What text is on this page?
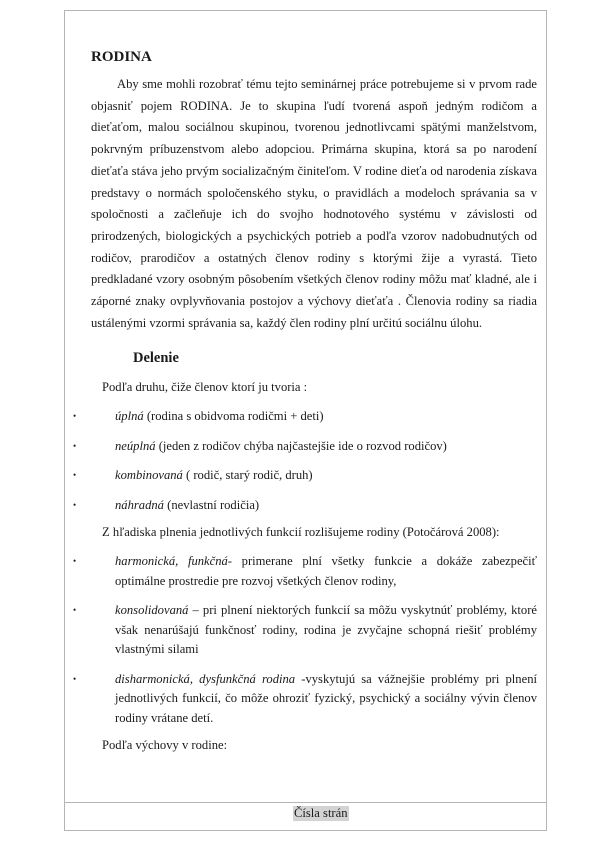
RODINA

Aby sme mohli rozobrať tému tejto seminárnej práce potrebujeme si v prvom rade objasniť pojem RODINA. Je to skupina ľudí tvorená aspoň jedným rodičom a dieťaťom, malou sociálnou skupinou, tvorenou jednotlivcami spätými manželstvom, pokrvným príbuzenstvom alebo adopciou. Primárna skupina, ktorá sa po narodení dieťaťa stáva jeho prvým socializačným činiteľom. V rodine dieťa od narodenia získava predstavy o normách spoločenského styku, o pravidlách a modeloch správania sa v spoločnosti a začleňuje ich do svojho hodnotového systému v závislosti od prirodzených, biologických a psychických potrieb a podľa vzorov nadobudnutých od rodičov, prarodičov a ostatných členov rodiny s ktorými žije a vyrastá. Tieto predkladané vzory osobným pôsobením všetkých členov rodiny môžu mať kladné, ale i záporné znaky ovplyvňovania postojov a výchovy dieťaťa . Členovia rodiny sa riadia ustálenými vzormi správania sa, každý člen rodiny plní určitú sociálnu úlohu.

Delenie
Podľa druhu, čiže členov ktorí ju tvoria :
•	úplná (rodina s obidvoma rodičmi + deti)
•	neúplná (jeden z rodičov chýba najčastejšie ide o rozvod rodičov)
•	kombinovaná ( rodič, starý rodič, druh)
•	náhradná (nevlastní rodičia)
Z hľadiska plnenia jednotlivých funkcií rozlišujeme rodiny (Potočárová 2008):
•	harmonická, funkčná- primerane plní všetky funkcie a dokáže zabezpečiť optimálne prostredie pre rozvoj všetkých členov rodiny,
•	konsolidovaná – pri plnení niektorých funkcií sa môžu vyskytnúť problémy, ktoré však nenarúšajú funkčnosť rodiny, rodina je zvyčajne schopná riešiť problémy vlastnými silami
•	disharmonická, dysfunkčná rodina -vyskytujú sa vážnejšie problémy pri plnení jednotlivých funkcií, čo môže ohroziť fyzický, psychický a sociálny vývin členov rodiny vrátane detí.
Podľa výchovy v rodine:
Čísla strán
